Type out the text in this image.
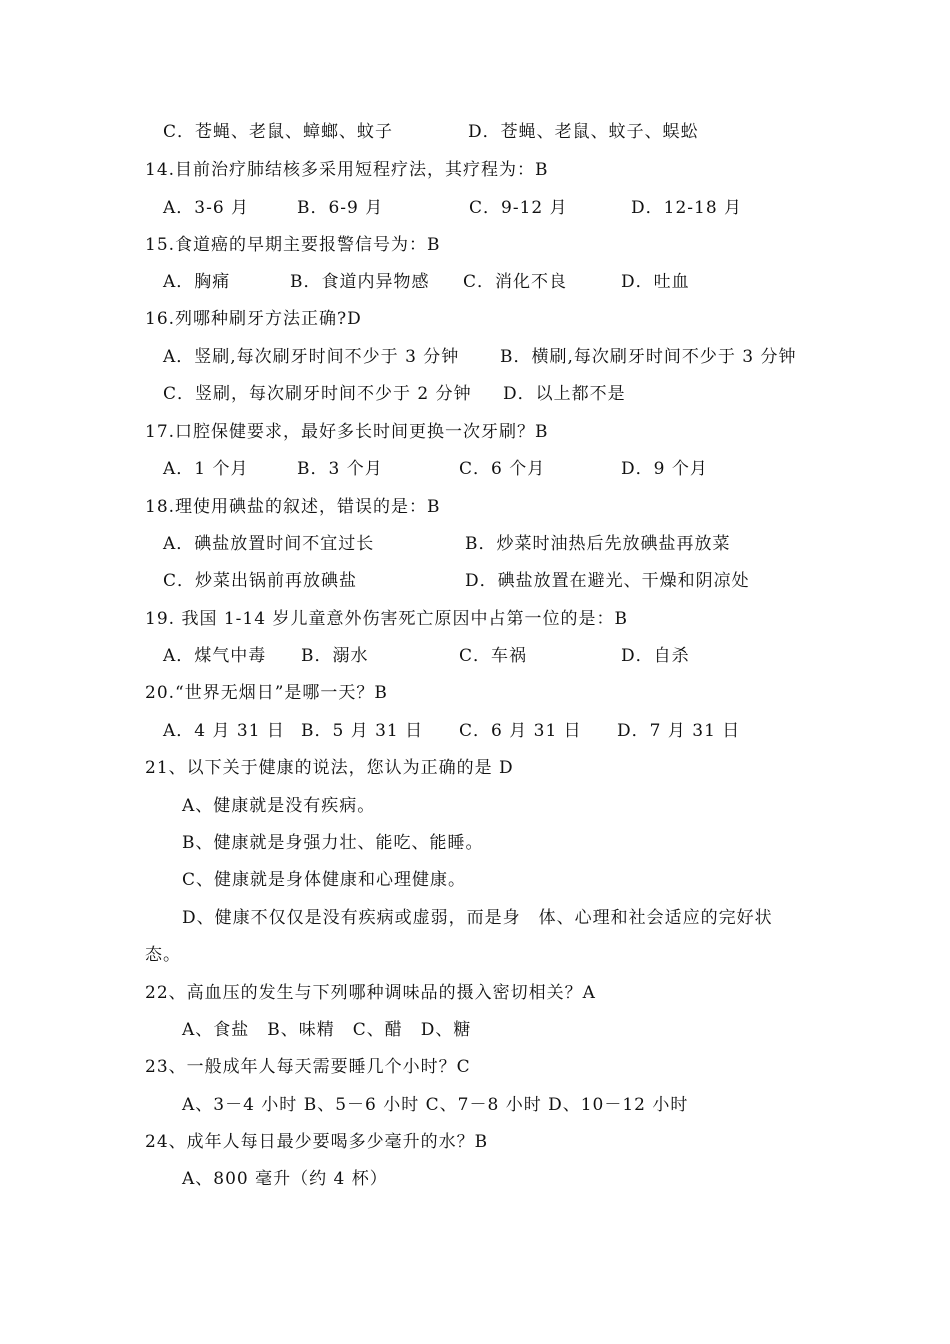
C．苍蝇、老鼠、蟑螂、蚊子	D．苍蝇、老鼠、蚊子、蜈蚣
14.目前治疗肺结核多采用短程疗法，其疗程为：B
A．3-6 月	B．6-9 月	C．9-12 月	D．12-18 月
15.食道癌的早期主要报警信号为：B
A．胸痛	B．食道内异物感 C．消化不良	D．吐血
16.列哪种刷牙方法正确?D
A．竖刷,每次刷牙时间不少于 3 分钟 B．横刷,每次刷牙时间不少于 3 分钟
C．竖刷，每次刷牙时间不少于 2 分钟 D．以上都不是
17.口腔保健要求，最好多长时间更换一次牙刷？B
A．1 个月	B．3 个月	C．6 个月	D．9 个月
18.理使用碘盐的叙述，错误的是：B
A．碘盐放置时间不宜过长	B．炒菜时油热后先放碘盐再放菜
C．炒菜出锅前再放碘盐	D．碘盐放置在避光、干燥和阴凉处
19. 我国 1-14 岁儿童意外伤害死亡原因中占第一位的是：B
A．煤气中毒 B．溺水	C．车祸	D．自杀
20.“世界无烟日”是哪一天？B
A．4 月 31 日 B．5 月 31 日 C．6 月 31 日 D．7 月 31 日
21、以下关于健康的说法，您认为正确的是 D
A、健康就是没有疾病。
B、健康就是身强力壮、能吃、能睡。
C、健康就是身体健康和心理健康。
D、健康不仅仅是没有疾病或虚弱，而是身　体、心理和社会适应的完好状
态。
22、高血压的发生与下列哪种调味品的摄入密切相关？A
A、食盐　B、味精　C、醋　D、糖
23、一般成年人每天需要睡几个小时？C
A、3－4 小时 B、5－6 小时 C、7－8 小时 D、10－12 小时
24、成年人每日最少要喝多少毫升的水？B
A、800 毫升（约 4 杯）
